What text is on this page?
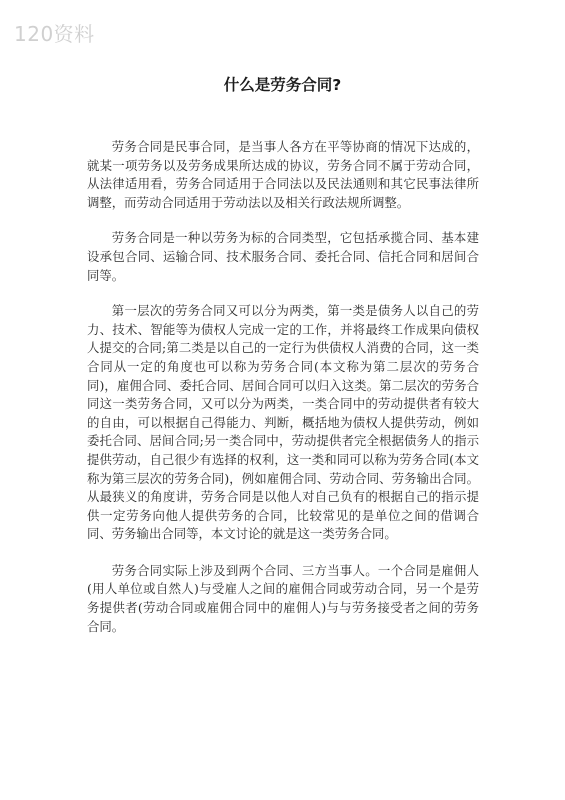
120资料
什么是劳务合同?

劳务合同是民事合同，是当事人各方在平等协商的情况下达成的，就某一项劳务以及劳务成果所达成的协议，劳务合同不属于劳动合同，从法律适用看，劳务合同适用于合同法以及民法通则和其它民事法律所调整，而劳动合同适用于劳动法以及相关行政法规所调整。

劳务合同是一种以劳务为标的合同类型，它包括承揽合同、基本建设承包合同、运输合同、技术服务合同、委托合同、信托合同和居间合同等。

第一层次的劳务合同又可以分为两类，第一类是债务人以自己的劳力、技术、智能等为债权人完成一定的工作，并将最终工作成果向债权人提交的合同;第二类是以自己的一定行为供债权人消费的合同，这一类合同从一定的角度也可以称为劳务合同(本文称为第二层次的劳务合同)，雇佣合同、委托合同、居间合同可以归入这类。第二层次的劳务合同这一类劳务合同，又可以分为两类，一类合同中的劳动提供者有较大的自由，可以根据自己得能力、判断，概括地为债权人提供劳动，例如委托合同、居间合同;另一类合同中，劳动提供者完全根据债务人的指示提供劳动，自己很少有选择的权利，这一类和同可以称为劳务合同(本文称为第三层次的劳务合同)，例如雇佣合同、劳动合同、劳务输出合同。从最狭义的角度讲，劳务合同是以他人对自己负有的根据自己的指示提供一定劳务向他人提供劳务的合同，比较常见的是单位之间的借调合同、劳务输出合同等，本文讨论的就是这一类劳务合同。

劳务合同实际上涉及到两个合同、三方当事人。一个合同是雇佣人(用人单位或自然人)与受雇人之间的雇佣合同或劳动合同，另一个是劳务提供者(劳动合同或雇佣合同中的雇佣人)与与劳务接受者之间的劳务合同。
